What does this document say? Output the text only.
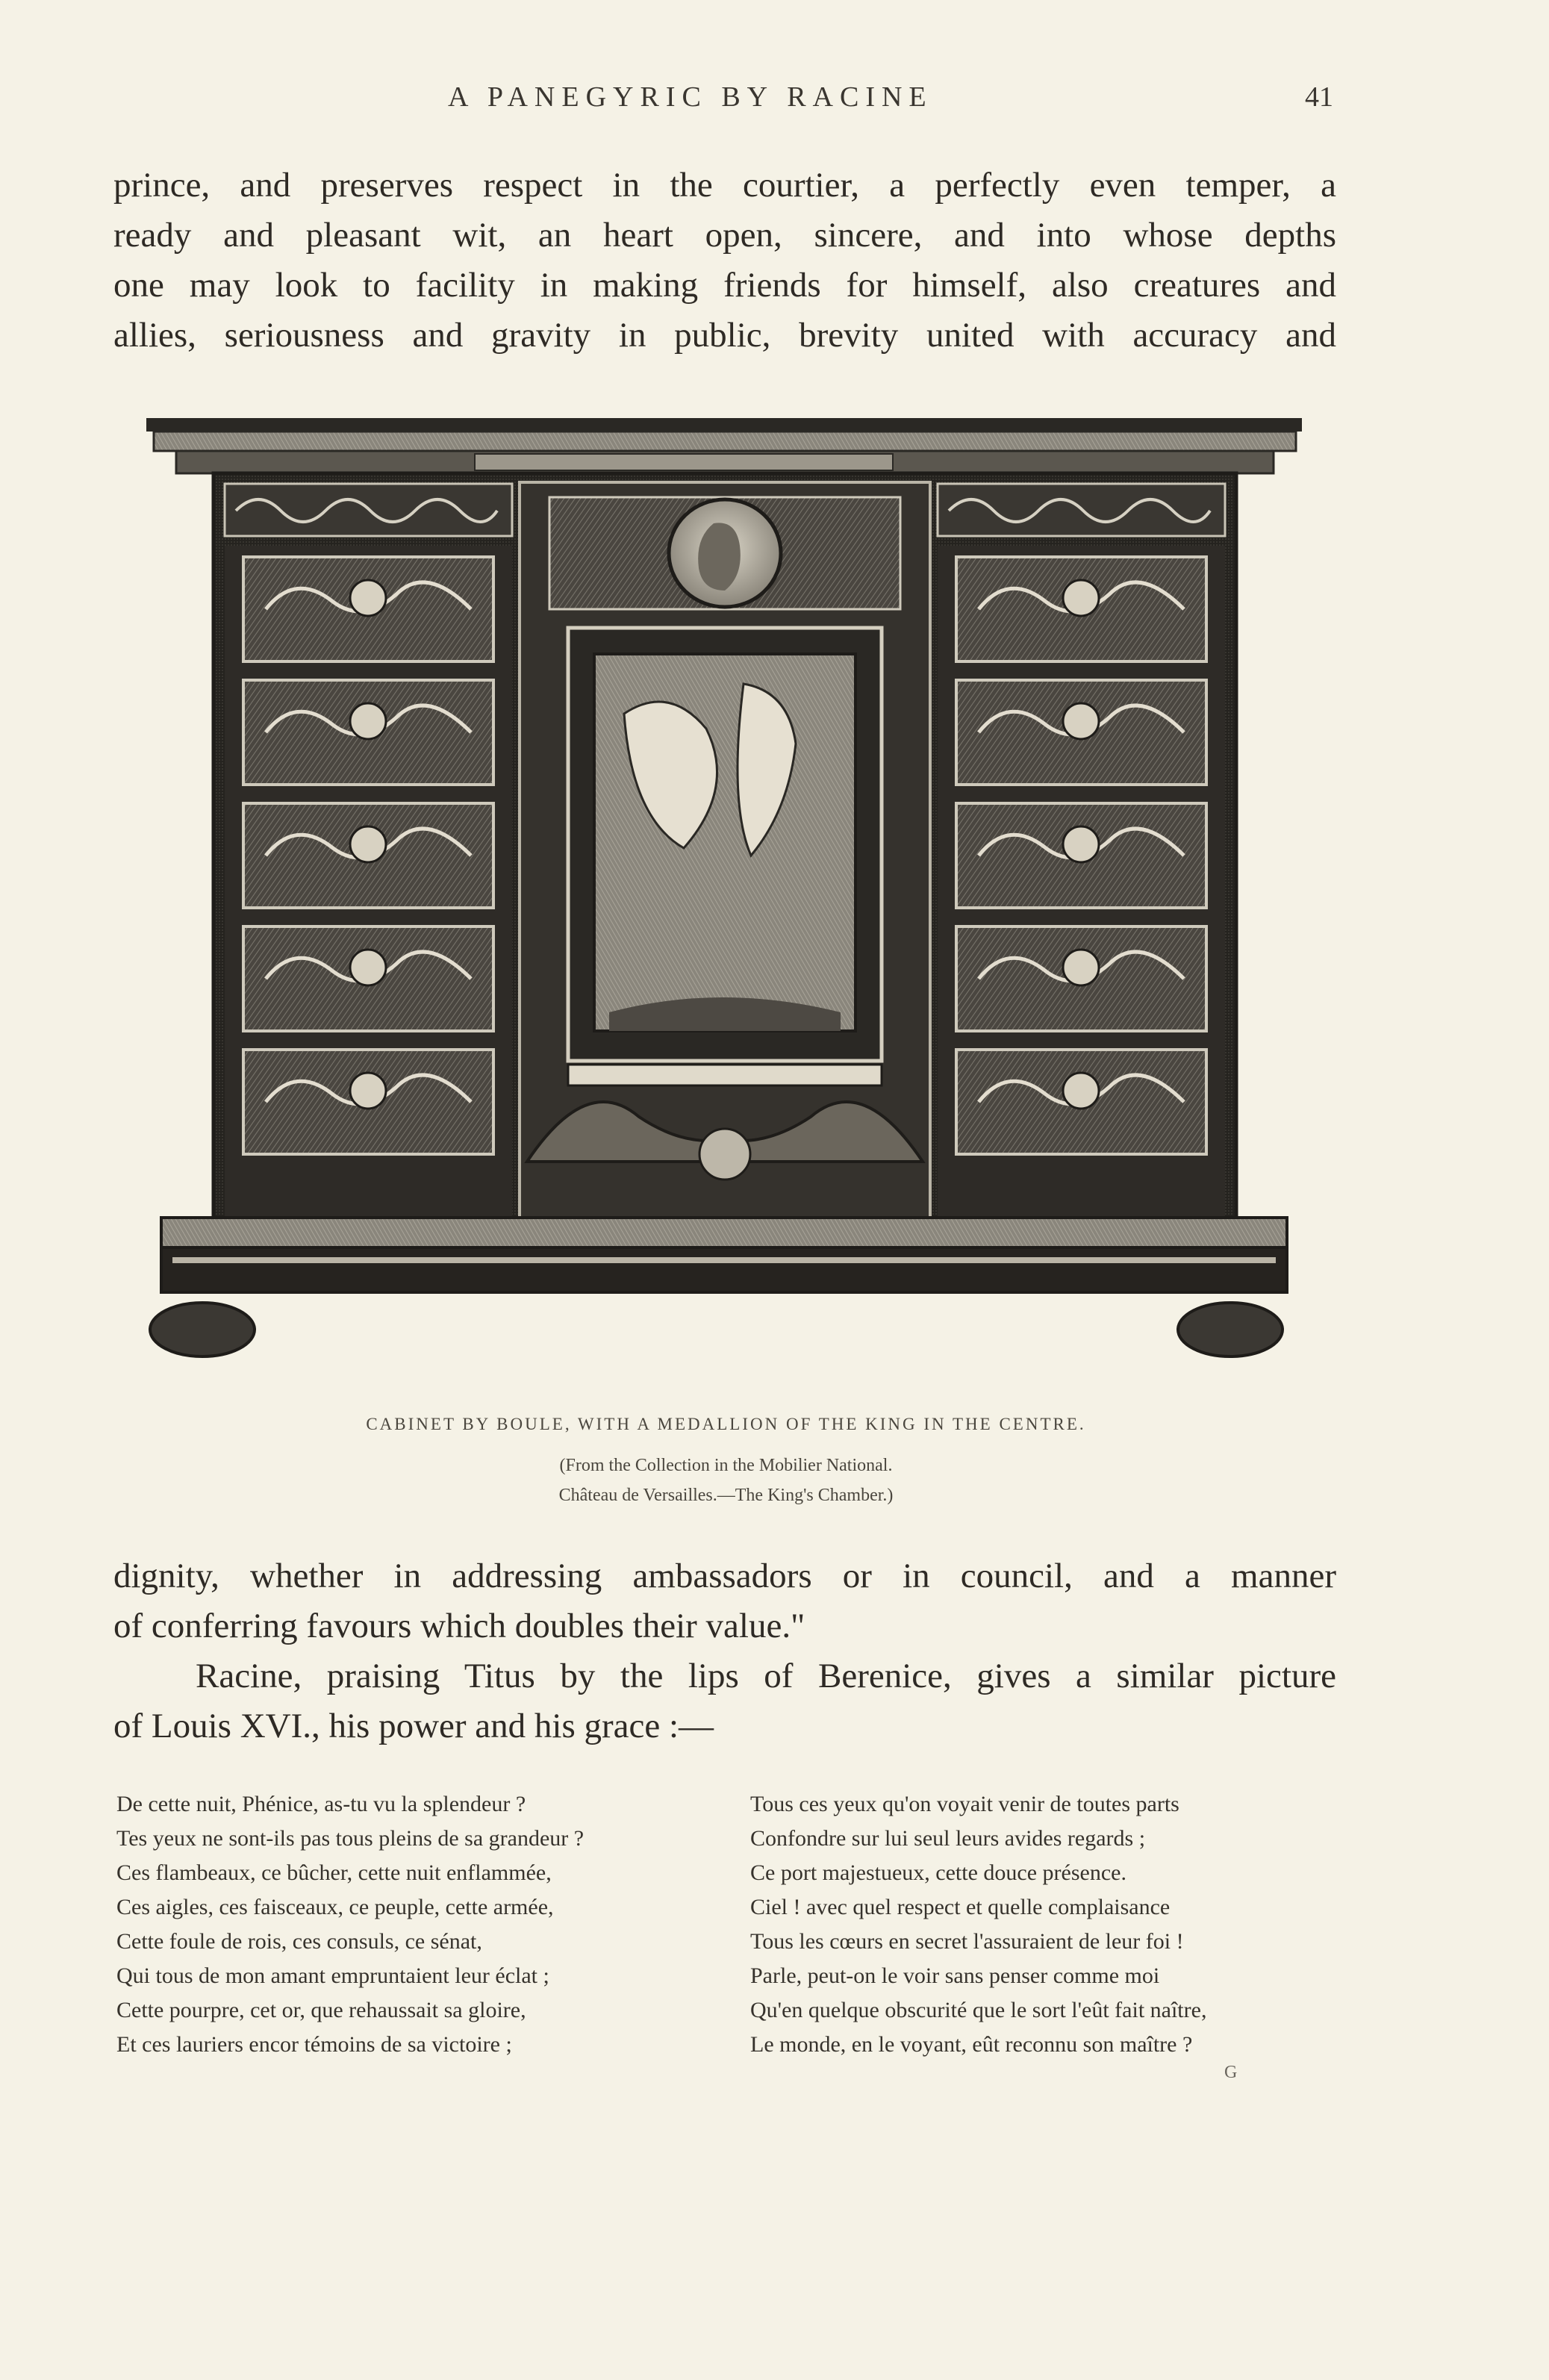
A PANEGYRIC BY RACINE	41
prince, and preserves respect in the courtier, a perfectly even temper, a
ready and pleasant wit, an heart open, sincere, and into whose depths
one may look to facility in making friends for himself, also creatures and
allies, seriousness and gravity in public, brevity united with accuracy and
CABINET BY BOULE, WITH A MEDALLION OF THE KING IN THE CENTRE.
(From the Collection in the Mobilier National.
Château de Versailles.—The King's Chamber.)
dignity, whether in addressing ambassadors or in council, and a manner
of conferring favours which doubles their value."
Racine, praising Titus by the lips of Berenice, gives a similar picture
of Louis XVI., his power and his grace :—
De cette nuit, Phénice, as-tu vu la splendeur ?
Tes yeux ne sont-ils pas tous pleins de sa grandeur ?
Ces flambeaux, ce bûcher, cette nuit enflammée,
Ces aigles, ces faisceaux, ce peuple, cette armée,
Cette foule de rois, ces consuls, ce sénat,
Qui tous de mon amant empruntaient leur éclat ;
Cette pourpre, cet or, que rehaussait sa gloire,
Et ces lauriers encor témoins de sa victoire ;
Tous ces yeux qu'on voyait venir de toutes parts
Confondre sur lui seul leurs avides regards ;
Ce port majestueux, cette douce présence.
Ciel ! avec quel respect et quelle complaisance
Tous les cœurs en secret l'assuraient de leur foi !
Parle, peut-on le voir sans penser comme moi
Qu'en quelque obscurité que le sort l'eût fait naître,
Le monde, en le voyant, eût reconnu son maître ?
G
